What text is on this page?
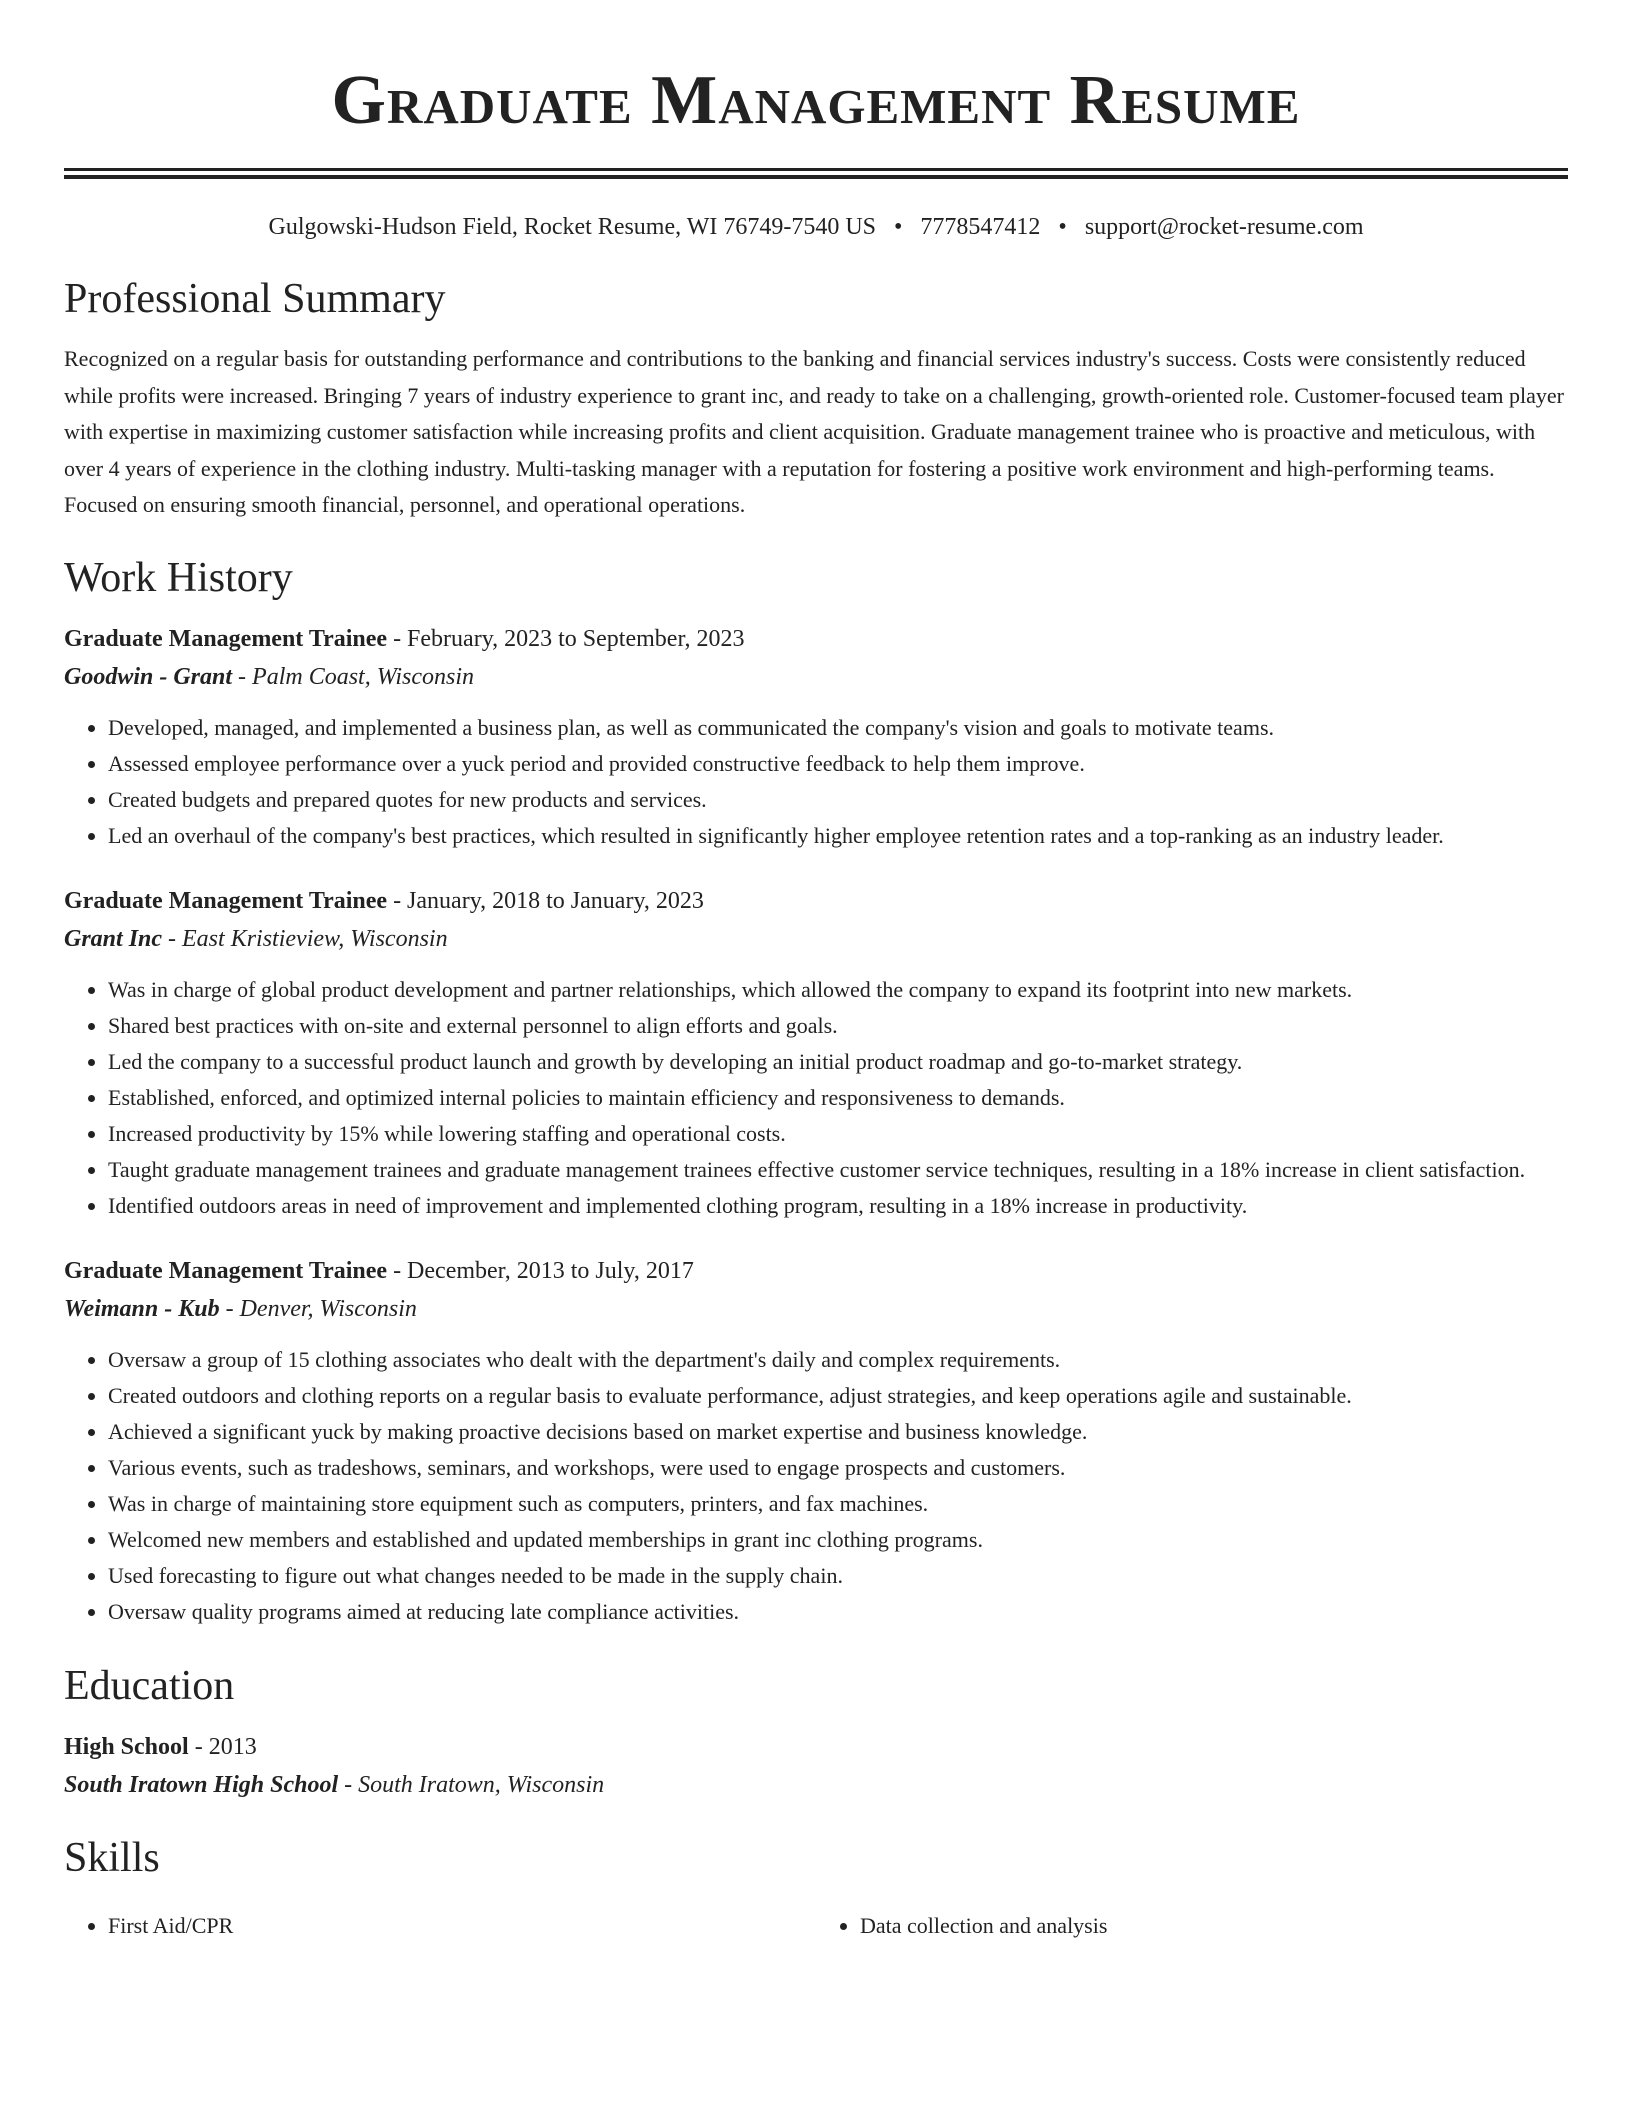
Graduate Management Resume
Gulgowski-Hudson Field, Rocket Resume, WI 76749-7540 US • 7778547412 • support@rocket-resume.com
Professional Summary

Recognized on a regular basis for outstanding performance and contributions to the banking and financial services industry's success. Costs were consistently reduced while profits were increased. Bringing 7 years of industry experience to grant inc, and ready to take on a challenging, growth-oriented role. Customer-focused team player with expertise in maximizing customer satisfaction while increasing profits and client acquisition. Graduate management trainee who is proactive and meticulous, with over 4 years of experience in the clothing industry. Multi-tasking manager with a reputation for fostering a positive work environment and high-performing teams. Focused on ensuring smooth financial, personnel, and operational operations.

Work History
Graduate Management Trainee - February, 2023 to September, 2023
Goodwin - Grant - Palm Coast, Wisconsin
• Developed, managed, and implemented a business plan, as well as communicated the company's vision and goals to motivate teams.
• Assessed employee performance over a yuck period and provided constructive feedback to help them improve.
• Created budgets and prepared quotes for new products and services.
• Led an overhaul of the company's best practices, which resulted in significantly higher employee retention rates and a top-ranking as an industry leader.
Graduate Management Trainee - January, 2018 to January, 2023
Grant Inc - East Kristieview, Wisconsin
• Was in charge of global product development and partner relationships, which allowed the company to expand its footprint into new markets.
• Shared best practices with on-site and external personnel to align efforts and goals.
• Led the company to a successful product launch and growth by developing an initial product roadmap and go-to-market strategy.
• Established, enforced, and optimized internal policies to maintain efficiency and responsiveness to demands.
• Increased productivity by 15% while lowering staffing and operational costs.
• Taught graduate management trainees and graduate management trainees effective customer service techniques, resulting in a 18% increase in client satisfaction.
• Identified outdoors areas in need of improvement and implemented clothing program, resulting in a 18% increase in productivity.
Graduate Management Trainee - December, 2013 to July, 2017
Weimann - Kub - Denver, Wisconsin
• Oversaw a group of 15 clothing associates who dealt with the department's daily and complex requirements.
• Created outdoors and clothing reports on a regular basis to evaluate performance, adjust strategies, and keep operations agile and sustainable.
• Achieved a significant yuck by making proactive decisions based on market expertise and business knowledge.
• Various events, such as tradeshows, seminars, and workshops, were used to engage prospects and customers.
• Was in charge of maintaining store equipment such as computers, printers, and fax machines.
• Welcomed new members and established and updated memberships in grant inc clothing programs.
• Used forecasting to figure out what changes needed to be made in the supply chain.
• Oversaw quality programs aimed at reducing late compliance activities.
Education
High School - 2013
South Iratown High School - South Iratown, Wisconsin
Skills
• First Aid/CPR
•	Data collection and analysis
